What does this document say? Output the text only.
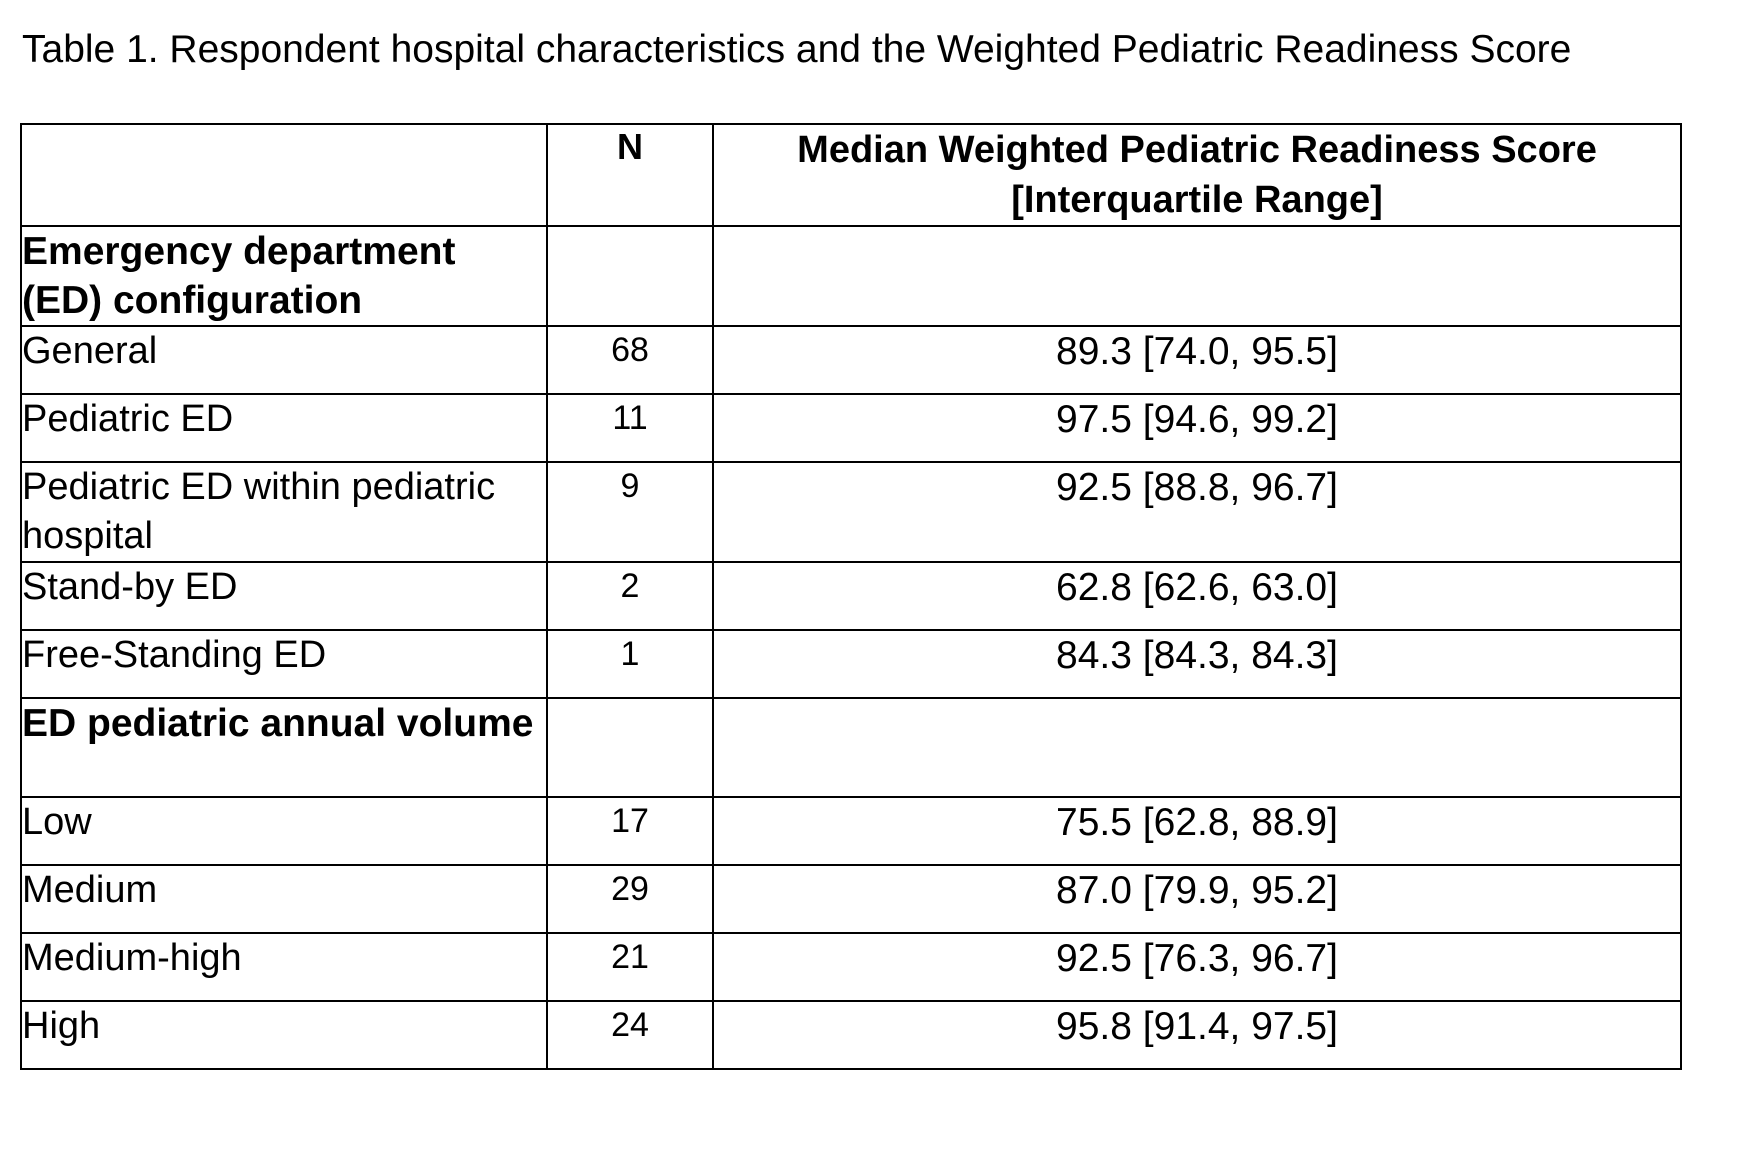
Table 1. Respondent hospital characteristics and the Weighted Pediatric Readiness Score

	N	Median Weighted Pediatric Readiness Score [Interquartile Range]
Emergency department (ED) configuration		
General	68	89.3 [74.0, 95.5]
Pediatric ED	11	97.5 [94.6, 99.2]
Pediatric ED within pediatric hospital	9	92.5 [88.8, 96.7]
Stand-by ED	2	62.8 [62.6, 63.0]
Free-Standing ED	1	84.3 [84.3, 84.3]
ED pediatric annual volume		
Low	17	75.5 [62.8, 88.9]
Medium	29	87.0 [79.9, 95.2]
Medium-high	21	92.5 [76.3, 96.7]
High	24	95.8 [91.4, 97.5]
